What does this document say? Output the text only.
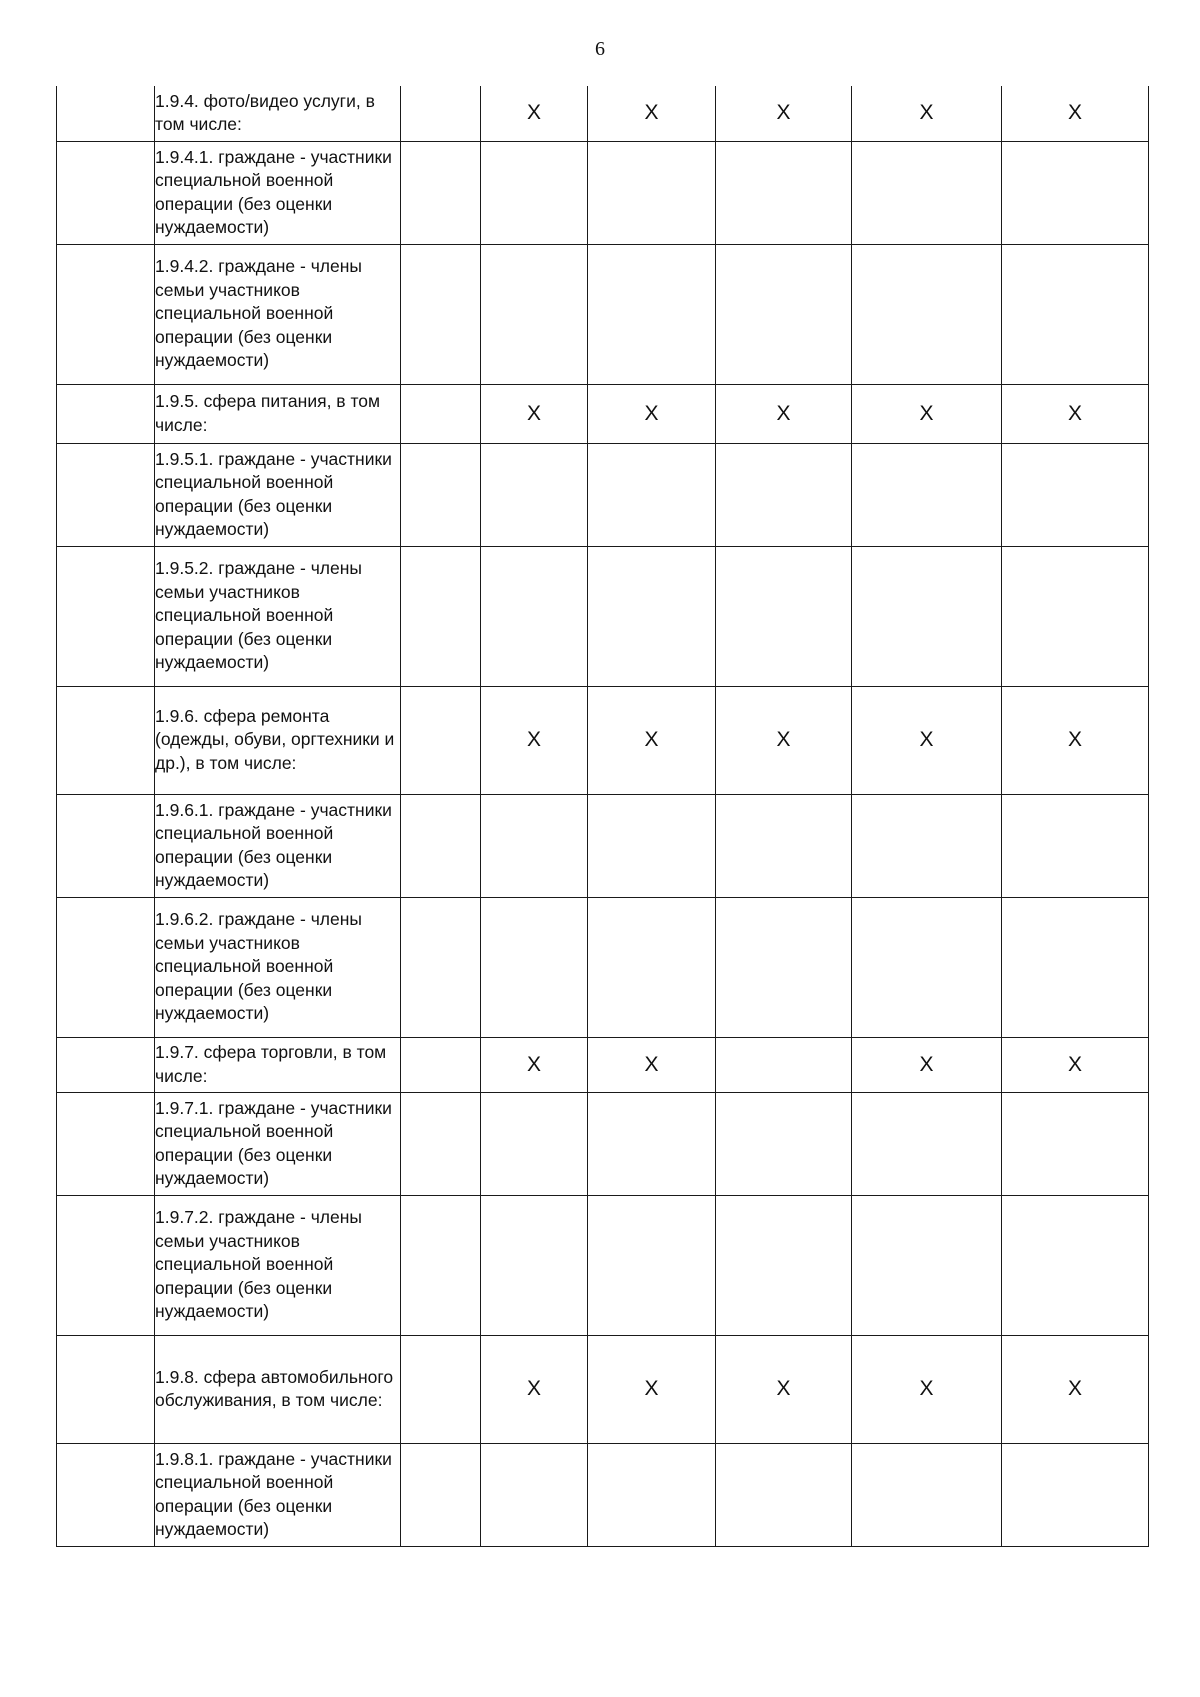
6
	1.9.4. фото/видео услуги, в том числе:		X	X	X	X	X
	1.9.4.1. граждане - участники специальной военной операции (без оценки нуждаемости)						
	1.9.4.2. граждане - члены семьи участников специальной военной операции (без оценки нуждаемости)						
	1.9.5. сфера питания, в том числе:		X	X	X	X	X
	1.9.5.1. граждане - участники специальной военной операции (без оценки нуждаемости)						
	1.9.5.2. граждане - члены семьи участников специальной военной операции (без оценки нуждаемости)						
	1.9.6. сфера ремонта (одежды, обуви, оргтехники и др.), в том числе:		X	X	X	X	X
	1.9.6.1. граждане - участники специальной военной операции (без оценки нуждаемости)						
	1.9.6.2. граждане - члены семьи участников специальной военной операции (без оценки нуждаемости)						
	1.9.7. сфера торговли, в том числе:		X	X		X	X
	1.9.7.1. граждане - участники специальной военной операции (без оценки нуждаемости)						
	1.9.7.2. граждане - члены семьи участников специальной военной операции (без оценки нуждаемости)						
	1.9.8. сфера автомобильного обслуживания, в том числе:		X	X	X	X	X
	1.9.8.1. граждане - участники специальной военной операции (без оценки нуждаемости)						
